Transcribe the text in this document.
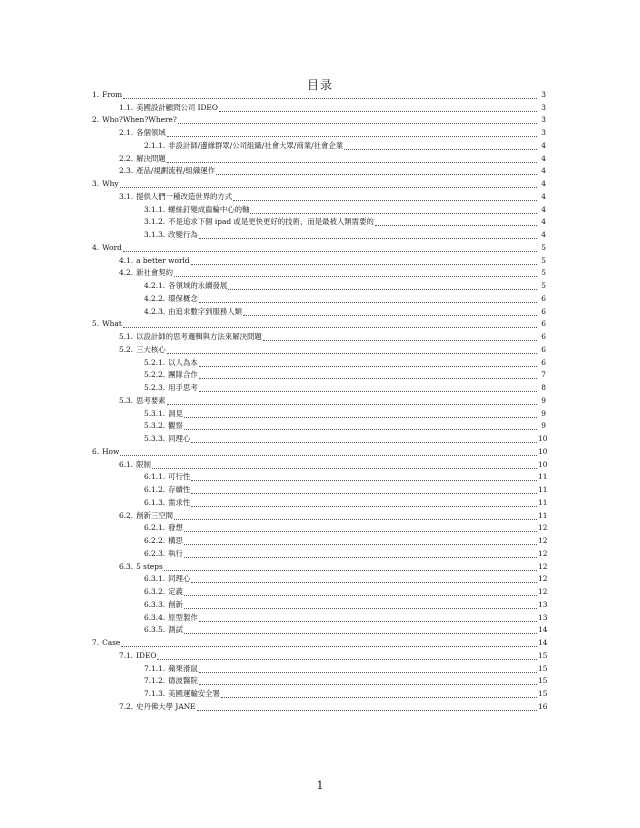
目录
1. From	3
1.1. 美國設計顧問公司 IDEO	3
2. Who?When?Where?	3
2.1. 各個領域	3
2.1.1. 非設計師/邊緣群眾/公司組織/社會大眾/商業/社會企業	4
2.2. 解決問題	4
2.3. 產品/規劃流程/組織運作	4
3. Why	4
3.1. 提供人們一種改造世界的方式	4
3.1.1. 螺絲釘變成齒輪中心的軸	4
3.1.2. 不是追求下個 ipad 或是更快更好的技術，而是最被人類需要的	4
3.1.3. 改變行為	4
4. Word	5
4.1. a better world	5
4.2. 新社會契約	5
4.2.1. 各領域的永續發展	5
4.2.2. 環保概念	6
4.2.3. 由追求數字到服務人類	6
5. What	6
5.1. 以設計師的思考邏輯與方法來解決問題	6
5.2. 三大核心	6
5.2.1. 以人為本	6
5.2.2. 團隊合作	7
5.2.3. 用手思考	8
5.3. 思考要素	9
5.3.1. 洞見	9
5.3.2. 觀察	9
5.3.3. 同理心	10
6. How	10
6.1. 限制	10
6.1.1. 可行性	11
6.1.2. 存續性	11
6.1.3. 需求性	11
6.2. 創新三空間	11
6.2.1. 發想	12
6.2.2. 構思	12
6.2.3. 執行	12
6.3. 5 steps	12
6.3.1. 同理心	12
6.3.2. 定義	12
6.3.3. 創新	13
6.3.4. 原型製作	13
6.3.5. 測試	14
7. Case	14
7.1. IDEO	15
7.1.1. 蘋果滑鼠	15
7.1.2. 德波醫院	15
7.1.3. 美國運輸安全署	15
7.2. 史丹佛大學 JANE	16
1
